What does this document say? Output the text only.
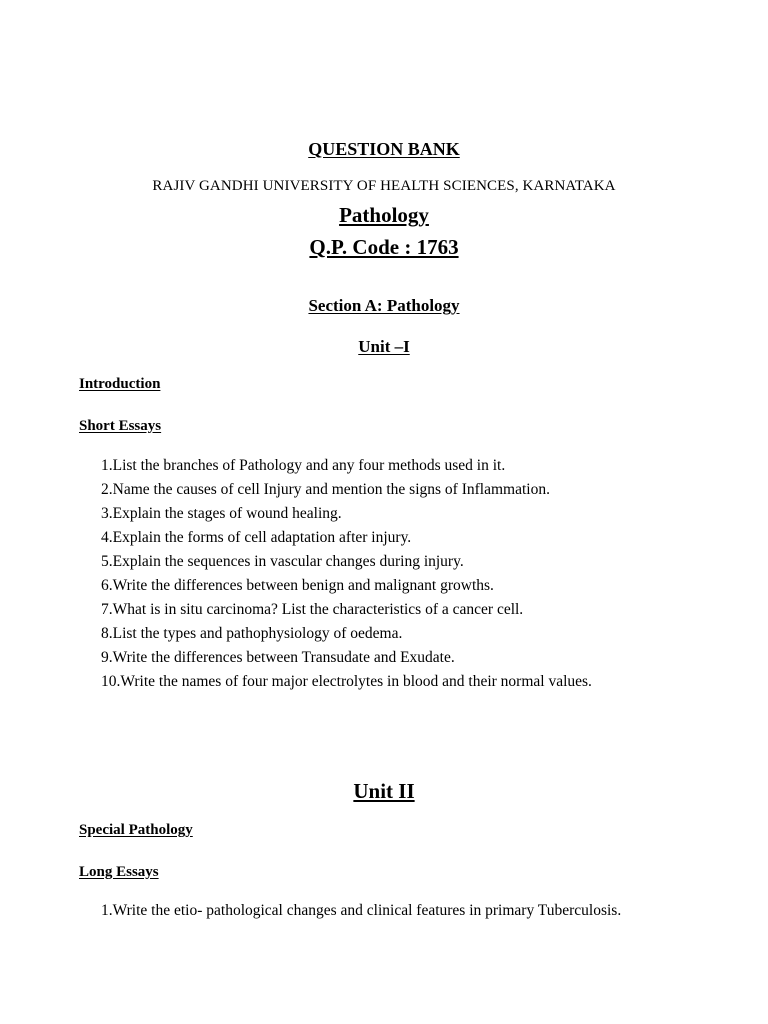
QUESTION BANK
RAJIV GANDHI UNIVERSITY OF HEALTH SCIENCES, KARNATAKA
Pathology
Q.P. Code : 1763
Section A: Pathology
Unit –I
Introduction
Short Essays
1.List the branches of Pathology and any four methods used in it.
2.Name the causes of cell Injury and mention the signs of Inflammation.
3.Explain the stages of wound healing.
4.Explain the forms of cell adaptation after injury.
5.Explain the sequences in vascular changes during injury.
6.Write the differences between benign and malignant growths.
7.What is in situ carcinoma? List the characteristics of a cancer cell.
8.List the types and pathophysiology of oedema.
9.Write the differences between Transudate and Exudate.
10.Write the names of four major electrolytes in blood and their normal values.
Unit II
Special Pathology
Long Essays
1.Write the etio- pathological changes and clinical features in primary Tuberculosis.
